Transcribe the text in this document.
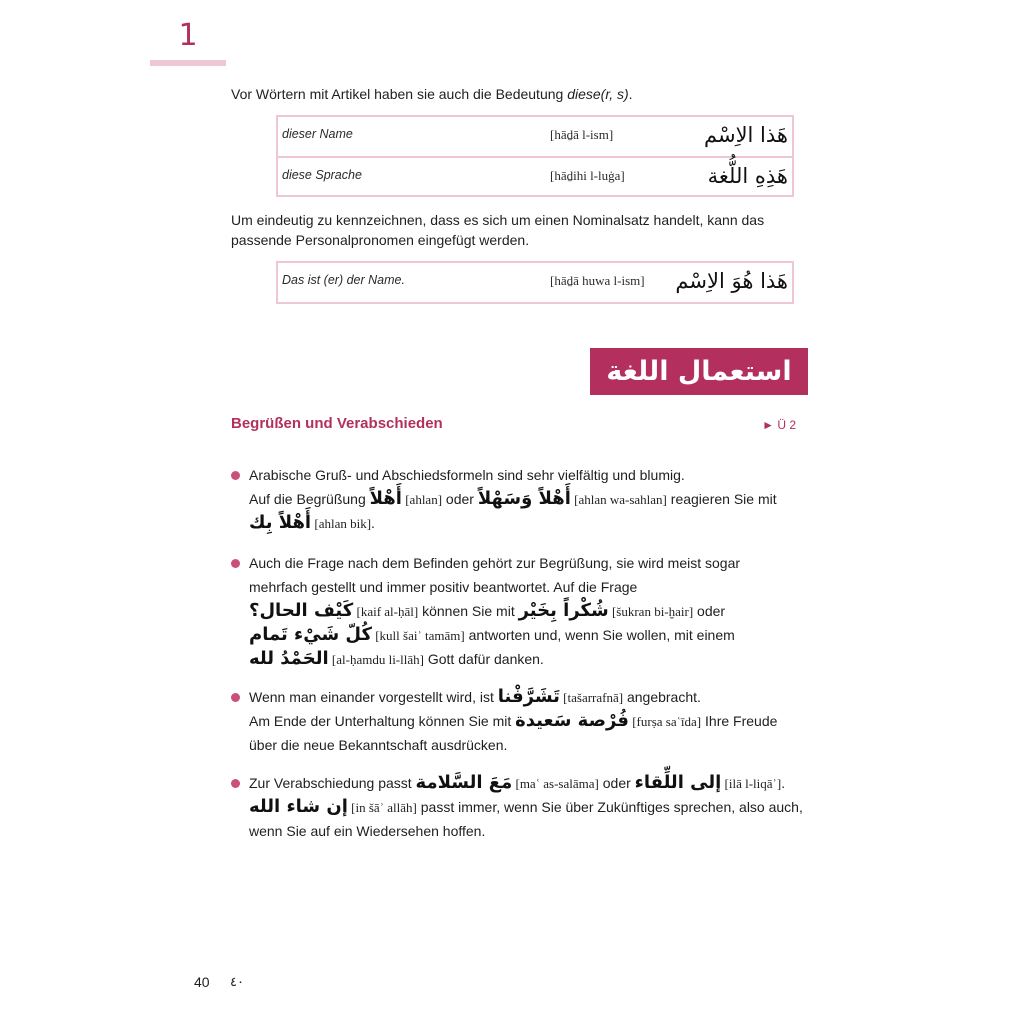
1
Vor Wörtern mit Artikel haben sie auch die Bedeutung diese(r, s).
dieser Name	[hāḏā l-ism]	هَذا الاِسْم
diese Sprache	[hāḏihi l-luġa]	هَذِهِ اللُّغة
Um eindeutig zu kennzeichnen, dass es sich um einen Nominalsatz handelt, kann das
passende Personalpronomen eingefügt werden.
Das ist (er) der Name.	[hāḏā huwa l-ism] هَذا هُوَ الاِسْم
استعمال اللغة
Begrüßen und Verabschieden	► Ü 2
Arabische Gruß- und Abschiedsformeln sind sehr vielfältig und blumig.
Auf die Begrüßung أَهْلاً [ahlan] oder أَهْلاً وَسَهْلاً [ahlan wa-sahlan] reagieren Sie mit
أَهْلاً بِك [ahlan bik].
Auch die Frage nach dem Befinden gehört zur Begrüßung, sie wird meist sogar
mehrfach gestellt und immer positiv beantwortet. Auf die Frage
كَيْف الحال؟ [kaif al-ḥāl] können Sie mit شُكْراً بِخَيْر [šukran bi-ḫair] oder
كُلّ شَيْء تَمام [kull šaiʾ tamām] antworten und, wenn Sie wollen, mit einem
الحَمْدُ لله [al-ḥamdu li-llāh] Gott dafür danken.
Wenn man einander vorgestellt wird, ist تَشَرَّفْنا [tašarrafnā] angebracht.
Am Ende der Unterhaltung können Sie mit فُرْصة سَعيدة [furṣa saʿīda] Ihre Freude
über die neue Bekanntschaft ausdrücken.
Zur Verabschiedung passt مَعَ السَّلامة [maʿ as-salāma] oder إلى اللِّقاء [ilā l-liqāʾ].
إن شاء الله [in šāʾ allāh] passt immer, wenn Sie über Zukünftiges sprechen, also auch,
wenn Sie auf ein Wiedersehen hoffen.
40 ٤٠
